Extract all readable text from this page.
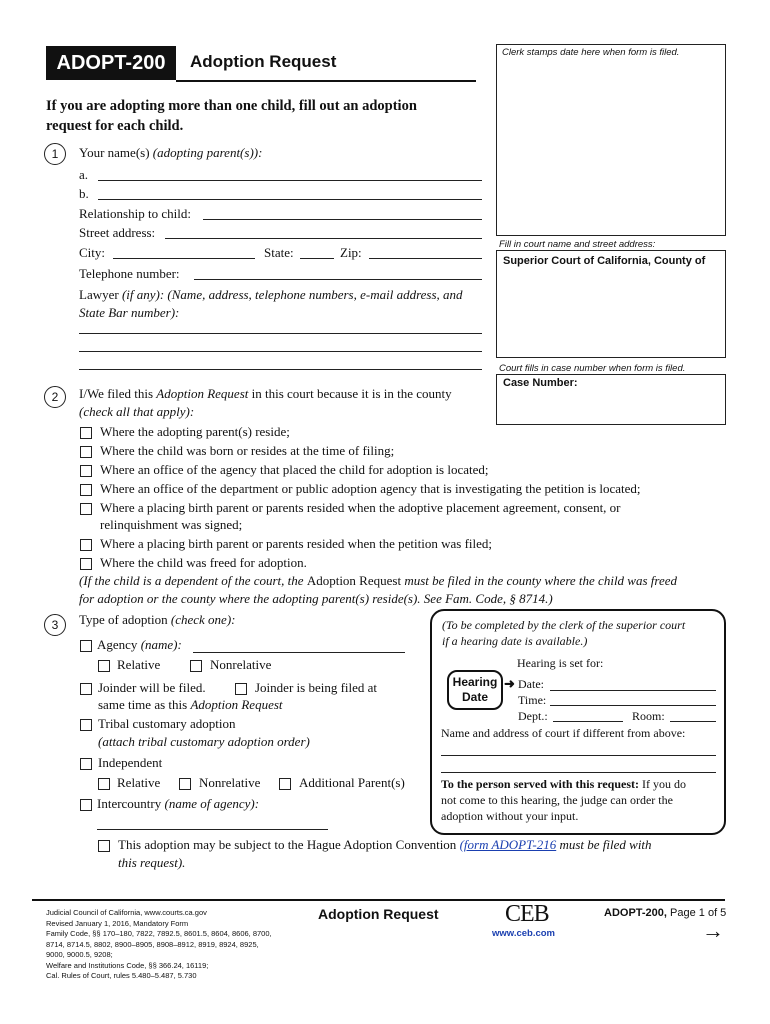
ADOPT-200	Adoption Request
If you are adopting more than one child, fill out an adoption request for each child.
Clerk stamps date here when form is filed.
Fill in court name and street address:
Superior Court of California, County of
Court fills in case number when form is filed.
Case Number:
1	Your name(s) (adopting parent(s)):
a.
b.
Relationship to child:
Street address:
City:	State:	Zip:
Telephone number:
Lawyer (if any): (Name, address, telephone numbers, e-mail address, and State Bar number):
2	I/We filed this Adoption Request in this court because it is in the county
(check all that apply):
Where the adopting parent(s) reside;
Where the child was born or resides at the time of filing;
Where an office of the agency that placed the child for adoption is located;
Where an office of the department or public adoption agency that is investigating the petition is located;
Where a placing birth parent or parents resided when the adoptive placement agreement, consent, or
relinquishment was signed;
Where a placing birth parent or parents resided when the petition was filed;
Where the child was freed for adoption.
(If the child is a dependent of the court, the Adoption Request must be filed in the county where the child was freed
for adoption or the county where the adopting parent(s) reside(s). See Fam. Code, § 8714.)
3	Type of adoption (check one):
Agency (name):
Relative	Nonrelative
Joinder will be filed.	Joinder is being filed at
same time as this Adoption Request
Tribal customary adoption
(attach tribal customary adoption order)
Independent
Relative	Nonrelative	Additional Parent(s)
Intercountry (name of agency):
This adoption may be subject to the Hague Adoption Convention (form ADOPT-216 must be filed with
this request).
(To be completed by the clerk of the superior court
if a hearing date is available.)
Hearing is set for:
Hearing
Date
➜ Date:
Time:
Dept.:	Room:
Name and address of court if different from above:
To the person served with this request: If you do
not come to this hearing, the judge can order the
adoption without your input.
Judicial Council of California, www.courts.ca.gov
Revised January 1, 2016, Mandatory Form
Family Code, §§ 170–180, 7822, 7892.5, 8601.5, 8604, 8606, 8700,
8714, 8714.5, 8802, 8900–8905, 8908–8912, 8919, 8924, 8925,
9000, 9000.5, 9208;
Welfare and Institutions Code, §§ 366.24, 16119;
Cal. Rules of Court, rules 5.480–5.487, 5.730
Adoption Request	CEB
www.ceb.com
ADOPT-200, Page 1 of 5
→
